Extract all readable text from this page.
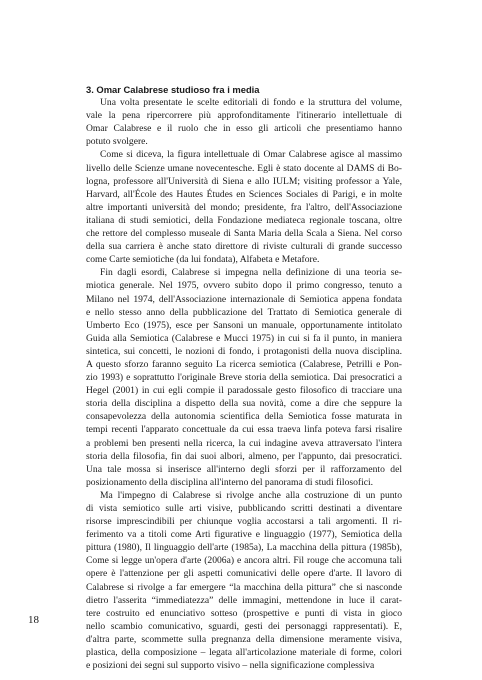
3. Omar Calabrese studioso fra i media

Una volta presentate le scelte editoriali di fondo e la struttura del volume,
vale la pena ripercorrere più approfonditamente l'itinerario intellettuale di
Omar Calabrese e il ruolo che in esso gli articoli che presentiamo hanno
potuto svolgere.

Come si diceva, la figura intellettuale di Omar Calabrese agisce al massimo
livello delle Scienze umane novecentesche. Egli è stato docente al DAMS di Bo-
logna, professore all'Università di Siena e allo IULM; visiting professor a Yale,
Harvard, all'École des Hautes Études en Sciences Sociales di Parigi, e in molte
altre importanti università del mondo; presidente, fra l'altro, dell'Associazione
italiana di studi semiotici, della Fondazione mediateca regionale toscana, oltre
che rettore del complesso museale di Santa Maria della Scala a Siena. Nel corso
della sua carriera è anche stato direttore di riviste culturali di grande successo
come Carte semiotiche (da lui fondata), Alfabeta e Metafore.

Fin dagli esordi, Calabrese si impegna nella definizione di una teoria se-
miotica generale. Nel 1975, ovvero subito dopo il primo congresso, tenuto a
Milano nel 1974, dell'Associazione internazionale di Semiotica appena fondata
e nello stesso anno della pubblicazione del Trattato di Semiotica generale di
Umberto Eco (1975), esce per Sansoni un manuale, opportunamente intitolato
Guida alla Semiotica (Calabrese e Mucci 1975) in cui si fa il punto, in maniera
sintetica, sui concetti, le nozioni di fondo, i protagonisti della nuova disciplina.
A questo sforzo faranno seguito La ricerca semiotica (Calabrese, Petrilli e Pon-
zio 1993) e soprattutto l'originale Breve storia della semiotica. Dai presocratici a
Hegel (2001) in cui egli compie il paradossale gesto filosofico di tracciare una
storia della disciplina a dispetto della sua novità, come a dire che seppure la
consapevolezza della autonomia scientifica della Semiotica fosse maturata in
tempi recenti l'apparato concettuale da cui essa traeva linfa poteva farsi risalire
a problemi ben presenti nella ricerca, la cui indagine aveva attraversato l'intera
storia della filosofia, fin dai suoi albori, almeno, per l'appunto, dai presocratici.
Una tale mossa si inserisce all'interno degli sforzi per il rafforzamento del
posizionamento della disciplina all'interno del panorama di studi filosofici.

Ma l'impegno di Calabrese si rivolge anche alla costruzione di un punto
di vista semiotico sulle arti visive, pubblicando scritti destinati a diventare
risorse imprescindibili per chiunque voglia accostarsi a tali argomenti. Il ri-
ferimento va a titoli come Arti figurative e linguaggio (1977), Semiotica della
pittura (1980), Il linguaggio dell'arte (1985a), La macchina della pittura (1985b),
Come si legge un'opera d'arte (2006a) e ancora altri. Fil rouge che accomuna tali
opere è l'attenzione per gli aspetti comunicativi delle opere d'arte. Il lavoro di
Calabrese si rivolge a far emergere “la macchina della pittura” che si nasconde
dietro l'asserita “immediatezza” delle immagini, mettendone in luce il carat-
tere costruito ed enunciativo sotteso (prospettive e punti di vista in gioco
nello scambio comunicativo, sguardi, gesti dei personaggi rappresentati). E,
d'altra parte, scommette sulla pregnanza della dimensione meramente visiva,
plastica, della composizione – legata all'articolazione materiale di forme, colori
e posizioni dei segni sul supporto visivo – nella significazione complessiva

18
